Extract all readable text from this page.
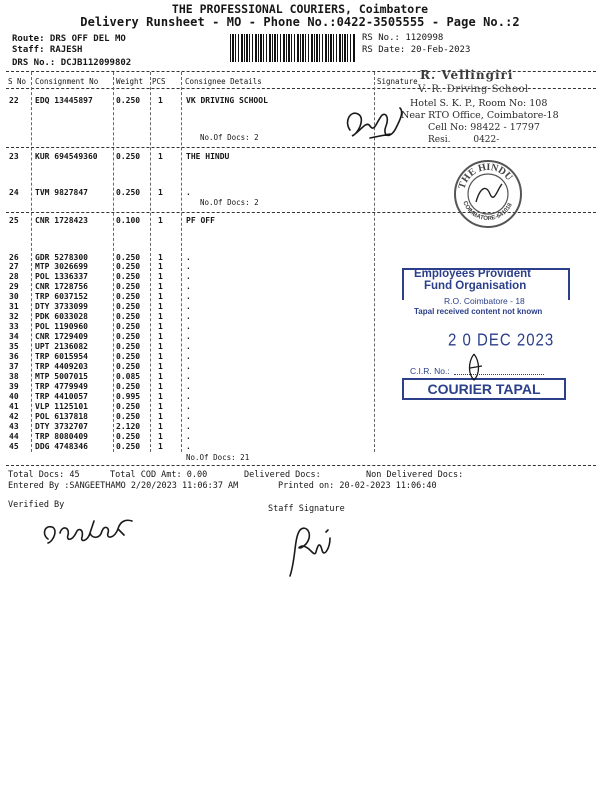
THE PROFESSIONAL COURIERS, Coimbatore
Delivery Runsheet - MO - Phone No.:0422-3505555 - Page No.:2
Route: DRS OFF DEL MO
Staff: RAJESH
DRS No.: DCJB112099802
RS No.: 1120998
RS Date: 20-Feb-2023
S No Consignment No Weight PCS	Consignee Details	Signature
22 EDQ 13445897	0.250 1	VK DRIVING SCHOOL
No.Of Docs: 2
23 KUR 694549360 0.250 1	THE HINDU
24 TVM 9827847	0.250 1	.
No.Of Docs: 2
25 CNR 1728423	0.100 1	PF OFF
26 GDR 5278300	0.250 1	.
27 MTP 3026699	0.250 1	.
28 POL 1336337	0.250 1	.
29 CNR 1728756	0.250 1	.
30 TRP 6037152	0.250 1	.
31 DTY 3733099	0.250 1	.
32 PDK 6033028	0.250 1	.
33 POL 1190960	0.250 1	.
34 CNR 1729409	0.250 1	.
35 UPT 2136082	0.250 1	.
36 TRP 6015954	0.250 1	.
37 TRP 4409203	0.250 1	.
38 MTP 5007015	0.085 1	.
39 TRP 4779949	0.250 1	.
40 TRP 4410057	0.995 1	.
41 VLP 1125101	0.250 1	.
42 POL 6137818	0.250 1	.
43 DTY 3732707	2.120 1	.
44 TRP 8080409	0.250 1	.
45 DDG 4748346	0.250 1	.
No.Of Docs: 21
Total Docs: 45	Total COD Amt: 0.00	Delivered Docs:	Non Delivered Docs:
Entered By :SANGEETHAMO 2/20/2023 11:06:37 AM	Printed on: 20-02-2023 11:06:40
Verified By	Staff Signature
R. Vellingiri
V. R. Driving School
Hotel S. K. P., Room No: 108
Near RTO Office, Coimbatore-18
Cell No: 98422 - 17797
Resi.        0422-
THE HINDU
COIMBATORE-641018
Employees Provident
Fund Organisation
R.O. Coimbatore - 18
Tapal received content not known
2 0 DEC 2023
C.I.R. No.:
COURIER TAPAL
